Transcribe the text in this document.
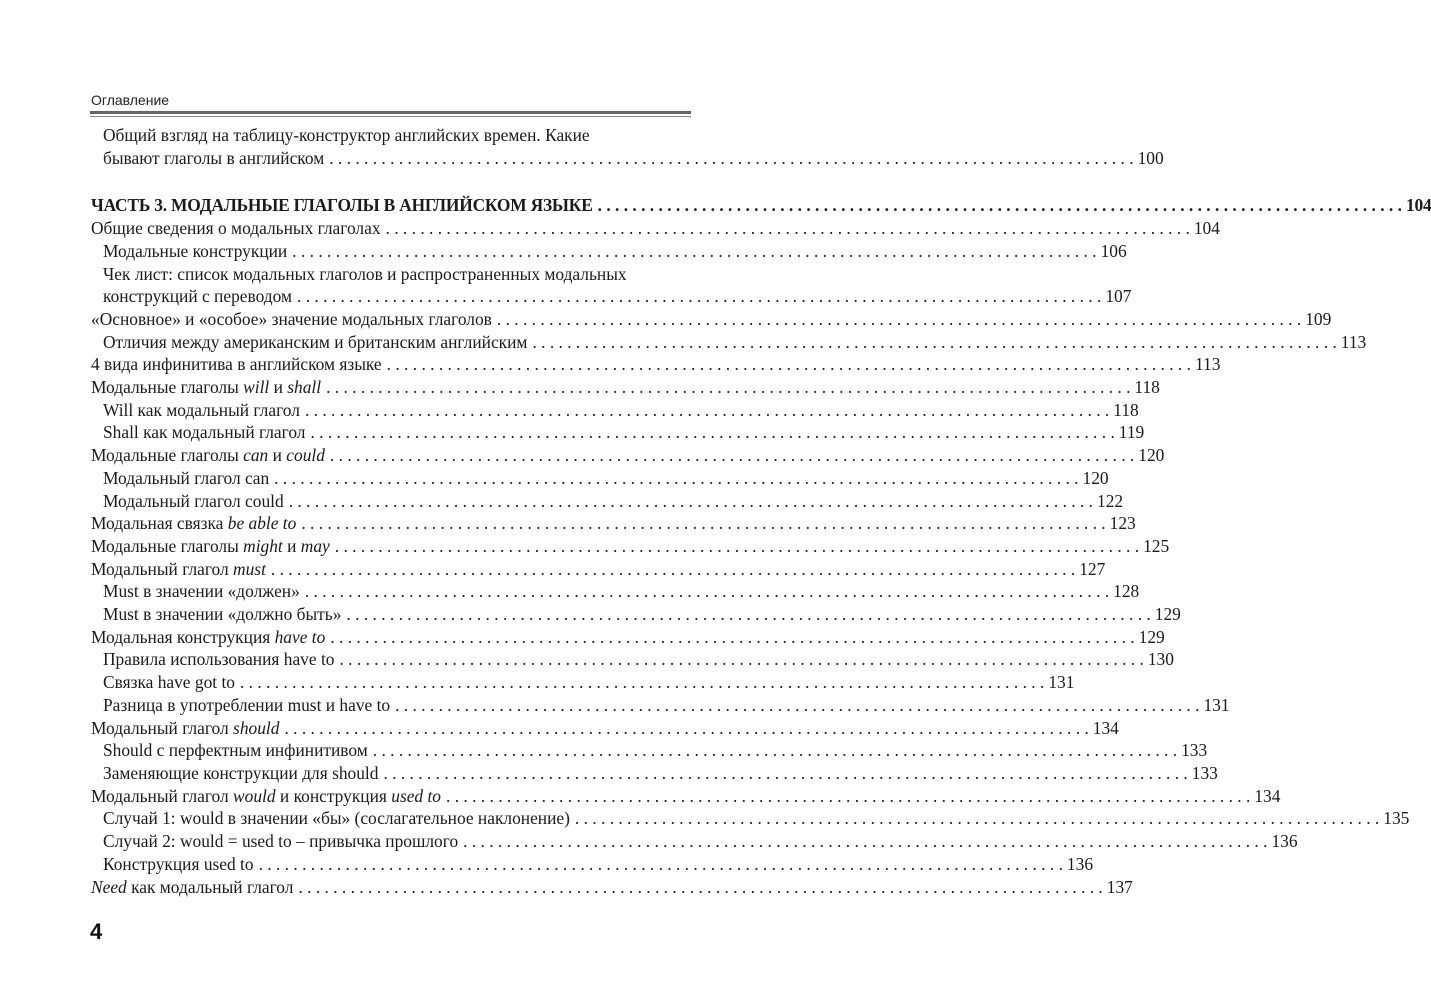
Оглавление
Общий взгляд на таблицу-конструктор английских времен. Какие
бывают глаголы в английском . . .	100
ЧАСТЬ 3. МОДАЛЬНЫЕ ГЛАГОЛЫ В АНГЛИЙСКОМ ЯЗЫКЕ . . .	104
Общие сведения о модальных глаголах . . .	104
Модальные конструкции . . .	106
Чек лист: список модальных глаголов и распространенных модальных
конструкций с переводом . . .	107
«Основное» и «особое» значение модальных глаголов . . .	109
Отличия между американским и британским английским . . .	113
4 вида инфинитива в английском языке . . .	113
Модальные глаголы will и shall . . .	118
Will как модальный глагол . . .	118
Shall как модальный глагол . . .	119
Модальные глаголы can и could . . .	120
Модальный глагол can . . .	120
Модальный глагол could . . .	122
Модальная связка be able to . . .	123
Модальные глаголы might и may . . .	125
Модальный глагол must . . .	127
Must в значении «должен» . . .	128
Must в значении «должно быть» . . .	129
Модальная конструкция have to . . .	129
Правила использования have to . . .	130
Связка have got to . . .	131
Разница в употреблении must и have to . . .	131
Модальный глагол should . . .	134
Should с перфектным инфинитивом . . .	133
Заменяющие конструкции для should . . .	133
Модальный глагол would и конструкция used to . . .	134
Случай 1: would в значении «бы» (сослагательное наклонение) . . .	135
Случай 2: would = used to – привычка прошлого . . .	136
Конструкция used to . . .	136
Need как модальный глагол . . .	137
4
